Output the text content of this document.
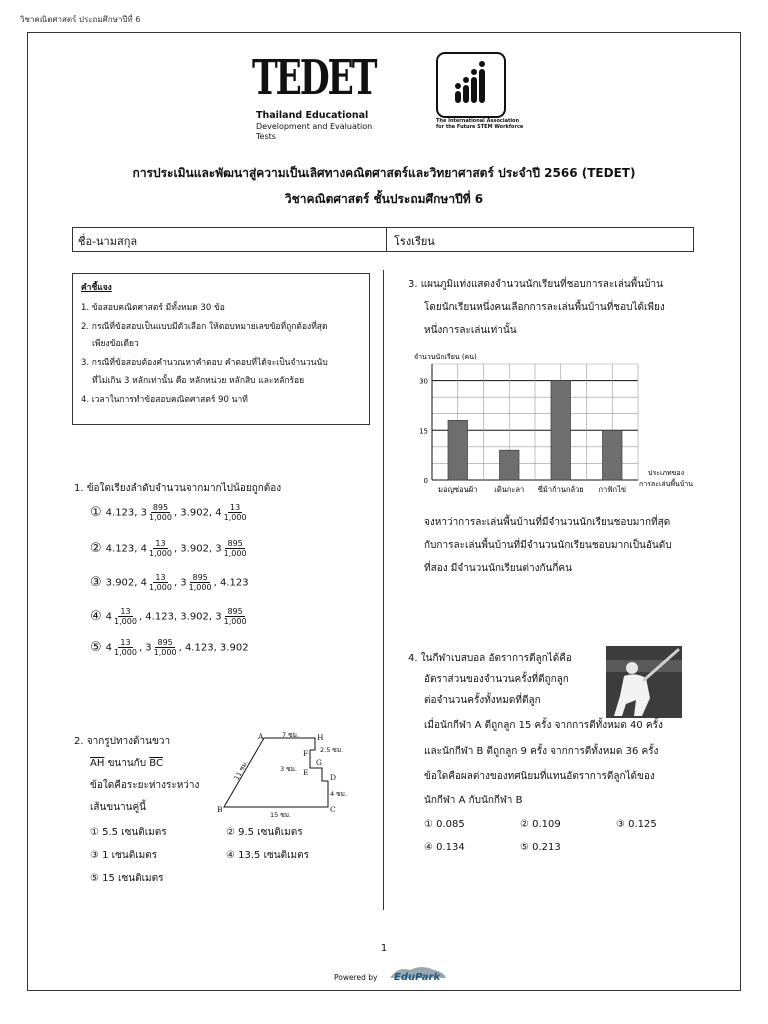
วิชาคณิตศาสตร์ ประถมศึกษาปีที่ 6
TEDET
Thailand Educational
Development and Evaluation Tests
The International Association
for the Future STEM Workforce
การประเมินและพัฒนาสู่ความเป็นเลิศทางคณิตศาสตร์และวิทยาศาสตร์ ประจำปี 2566 (TEDET)
วิชาคณิตศาสตร์ ชั้นประถมศึกษาปีที่ 6
ชื่อ-นามสกุล	โรงเรียน
คำชี้แจง
1. ข้อสอบคณิตศาสตร์ มีทั้งหมด 30 ข้อ
2. กรณีที่ข้อสอบเป็นแบบมีตัวเลือก ให้ตอบหมายเลขข้อที่ถูกต้องที่สุด
เพียงข้อเดียว
3. กรณีที่ข้อสอบต้องคำนวณหาคำตอบ คำตอบที่ได้จะเป็นจำนวนนับ
ที่ไม่เกิน 3 หลักเท่านั้น คือ หลักหน่วย หลักสิบ และหลักร้อย
4. เวลาในการทำข้อสอบคณิตศาสตร์ 90 นาที
1. ข้อใดเรียงลำดับจำนวนจากมากไปน้อยถูกต้อง
① 4.123, $3 \frac{895}{1,000}$ , 3.902, $4 \frac{13}{1,000}$
② 4.123, $4 \frac{13}{1,000}$ , 3.902, $3 \frac{895}{1,000}$
③ 3.902, $4 \frac{13}{1,000}$ , $3 \frac{895}{1,000}$ , 4.123
④ $4 \frac{13}{1,000}$ , 4.123, 3.902, $3 \frac{895}{1,000}$
⑤ $4 \frac{13}{1,000}$ , $3 \frac{895}{1,000}$ , 4.123, 3.902
2. จากรูปทางด้านขวา
$\overline{AH}$ ขนานกับ $\overline{BC}$
ข้อใดคือระยะห่างระหว่าง
เส้นขนานคู่นี้
A	H
F
G
E
D
B	C
7 ซม.
2.5 ซม.
3 ซม.
11 ซม.
4 ซม.
15 ซม.
① 5.5 เซนติเมตร	② 9.5 เซนติเมตร
③ 1 เซนติเมตร	④ 13.5 เซนติเมตร
⑤ 15 เซนติเมตร
3. แผนภูมิแท่งแสดงจำนวนนักเรียนที่ชอบการละเล่นพื้นบ้าน
โดยนักเรียนหนึ่งคนเลือกการละเล่นพื้นบ้านที่ชอบได้เพียง
หนึ่งการละเล่นเท่านั้น
0
15
30
มอญซ่อนผ้า เดินกะลา ขี่ม้าก้านกล้วย กาฟักไข่
จำนวนนักเรียน (คน)
ประเภทของ
การละเล่นพื้นบ้าน
จงหาว่าการละเล่นพื้นบ้านที่มีจำนวนนักเรียนชอบมากที่สุด
กับการละเล่นพื้นบ้านที่มีจำนวนนักเรียนชอบมากเป็นอันดับ
ที่สอง มีจำนวนนักเรียนต่างกันกี่คน
4. ในกีฬาเบสบอล อัตราการตีลูกได้คือ
อัตราส่วนของจำนวนครั้งที่ตีถูกลูก
ต่อจำนวนครั้งทั้งหมดที่ตีลูก
เมื่อนักกีฬา A ตีถูกลูก 15 ครั้ง จากการตีทั้งหมด 40 ครั้ง
และนักกีฬา B ตีถูกลูก 9 ครั้ง จากการตีทั้งหมด 36 ครั้ง
ข้อใดคือผลต่างของทศนิยมที่แทนอัตราการตีลูกได้ของ
นักกีฬา A กับนักกีฬา B
① 0.085	② 0.109	③ 0.125
④ 0.134	⑤ 0.213
1
Powered by EduPark
